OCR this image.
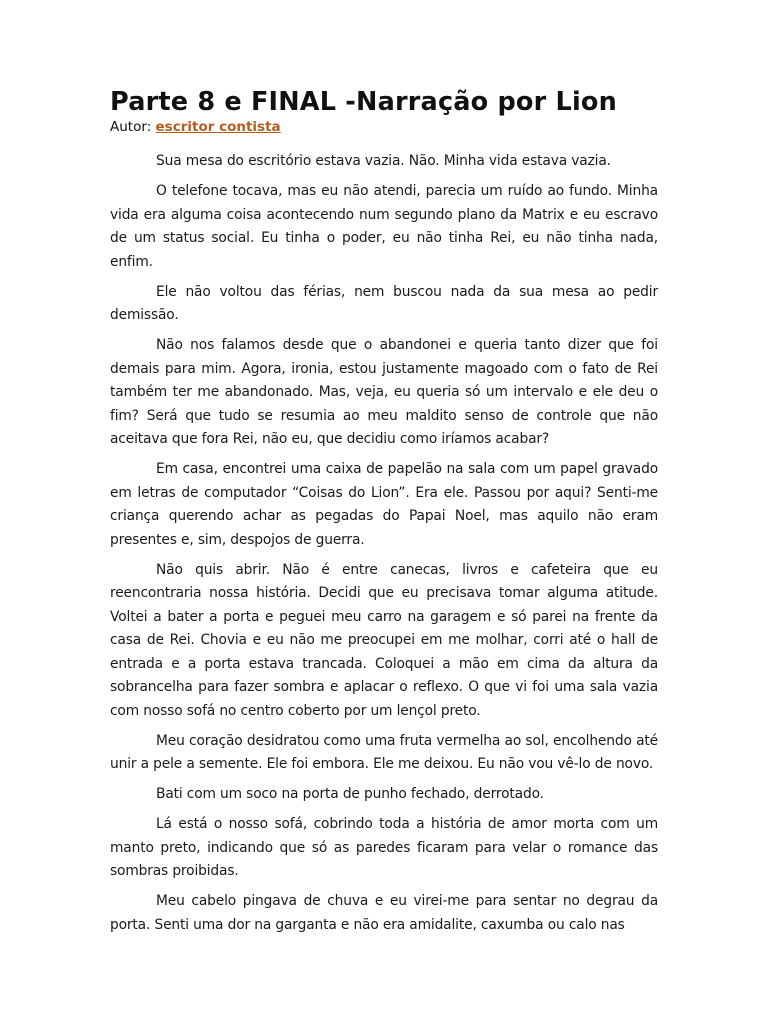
Parte 8 e FINAL -Narração por Lion

Autor: escritor contista

Sua mesa do escritório estava vazia. Não. Minha vida estava vazia.

O telefone tocava, mas eu não atendi, parecia um ruído ao fundo. Minha vida era alguma coisa acontecendo num segundo plano da Matrix e eu escravo de um status social. Eu tinha o poder, eu não tinha Rei, eu não tinha nada, enfim.

Ele não voltou das férias, nem buscou nada da sua mesa ao pedir demissão.

Não nos falamos desde que o abandonei e queria tanto dizer que foi demais para mim. Agora, ironia, estou justamente magoado com o fato de Rei também ter me abandonado. Mas, veja, eu queria só um intervalo e ele deu o fim? Será que tudo se resumia ao meu maldito senso de controle que não aceitava que fora Rei, não eu, que decidiu como iríamos acabar?

Em casa, encontrei uma caixa de papelão na sala com um papel gravado em letras de computador “Coisas do Lion”. Era ele. Passou por aqui? Senti-me criança querendo achar as pegadas do Papai Noel, mas aquilo não eram presentes e, sim, despojos de guerra.

Não quis abrir. Não é entre canecas, livros e cafeteira que eu reencontraria nossa história. Decidi que eu precisava tomar alguma atitude. Voltei a bater a porta e peguei meu carro na garagem e só parei na frente da casa de Rei. Chovia e eu não me preocupei em me molhar, corri até o hall de entrada e a porta estava trancada. Coloquei a mão em cima da altura da sobrancelha para fazer sombra e aplacar o reflexo. O que vi foi uma sala vazia com nosso sofá no centro coberto por um lençol preto.

Meu coração desidratou como uma fruta vermelha ao sol, encolhendo até unir a pele a semente. Ele foi embora. Ele me deixou. Eu não vou vê-lo de novo.

Bati com um soco na porta de punho fechado, derrotado.

Lá está o nosso sofá, cobrindo toda a história de amor morta com um manto preto, indicando que só as paredes ficaram para velar o romance das sombras proibidas.

Meu cabelo pingava de chuva e eu virei-me para sentar no degrau da porta. Senti uma dor na garganta e não era amidalite, caxumba ou calo nas
